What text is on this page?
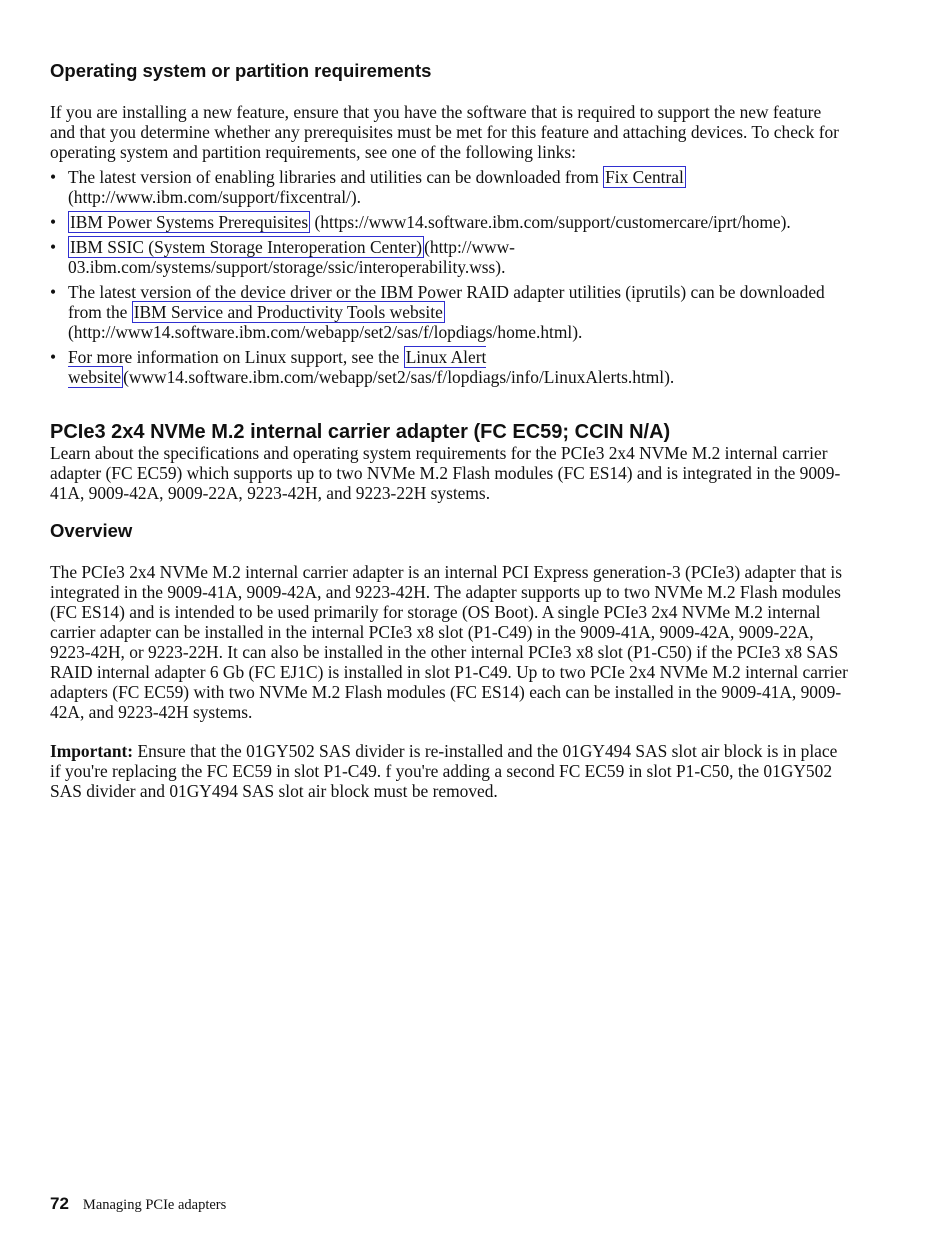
Operating system or partition requirements

If you are installing a new feature, ensure that you have the software that is required to support the new feature and that you determine whether any prerequisites must be met for this feature and attaching devices. To check for operating system and partition requirements, see one of the following links:

• The latest version of enabling libraries and utilities can be downloaded from Fix Central (http://www.ibm.com/support/fixcentral/).
• IBM Power Systems Prerequisites (https://www14.software.ibm.com/support/customercare/iprt/home).
• IBM SSIC (System Storage Interoperation Center) (http://www-03.ibm.com/systems/support/storage/ssic/interoperability.wss).
• The latest version of the device driver or the IBM Power RAID adapter utilities (iprutils) can be downloaded from the IBM Service and Productivity Tools website (http://www14.software.ibm.com/webapp/set2/sas/f/lopdiags/home.html).
• For more information on Linux support, see the Linux Alert website (www14.software.ibm.com/webapp/set2/sas/f/lopdiags/info/LinuxAlerts.html).
PCIe3 2x4 NVMe M.2 internal carrier adapter (FC EC59; CCIN N/A)

Learn about the specifications and operating system requirements for the PCIe3 2x4 NVMe M.2 internal carrier adapter (FC EC59) which supports up to two NVMe M.2 Flash modules (FC ES14) and is integrated in the 9009-41A, 9009-42A, 9009-22A, 9223-42H, and 9223-22H systems.

Overview

The PCIe3 2x4 NVMe M.2 internal carrier adapter is an internal PCI Express generation-3 (PCIe3) adapter that is integrated in the 9009-41A, 9009-42A, and 9223-42H. The adapter supports up to two NVMe M.2 Flash modules (FC ES14) and is intended to be used primarily for storage (OS Boot). A single PCIe3 2x4 NVMe M.2 internal carrier adapter can be installed in the internal PCIe3 x8 slot (P1-C49) in the 9009-41A, 9009-42A, 9009-22A, 9223-42H, or 9223-22H. It can also be installed in the other internal PCIe3 x8 slot (P1-C50) if the PCIe3 x8 SAS RAID internal adapter 6 Gb (FC EJ1C) is installed in slot P1-C49. Up to two PCIe 2x4 NVMe M.2 internal carrier adapters (FC EC59) with two NVMe M.2 Flash modules (FC ES14) each can be installed in the 9009-41A, 9009-42A, and 9223-42H systems.

Important: Ensure that the 01GY502 SAS divider is re-installed and the 01GY494 SAS slot air block is in place if you're replacing the FC EC59 in slot P1-C49. f you're adding a second FC EC59 in slot P1-C50, the 01GY502 SAS divider and 01GY494 SAS slot air block must be removed.

72 Managing PCIe adapters
